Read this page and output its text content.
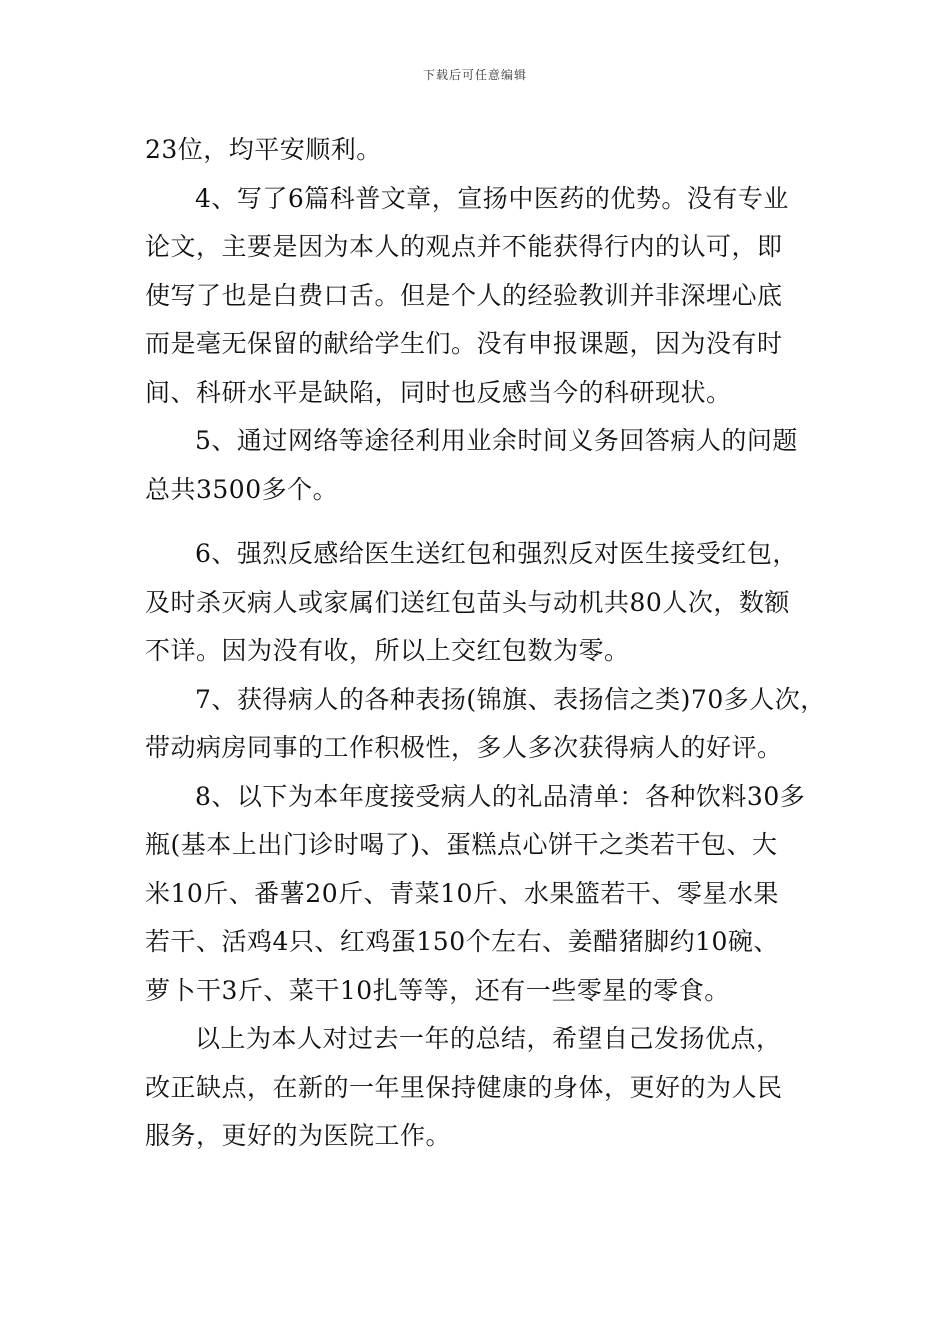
下载后可任意编辑
23位，均平安顺利。
4、写了6篇科普文章，宣扬中医药的优势。没有专业
论文，主要是因为本人的观点并不能获得行内的认可，即
使写了也是白费口舌。但是个人的经验教训并非深埋心底
而是毫无保留的献给学生们。没有申报课题，因为没有时
间、科研水平是缺陷，同时也反感当今的科研现状。
5、通过网络等途径利用业余时间义务回答病人的问题
总共3500多个。
6、强烈反感给医生送红包和强烈反对医生接受红包，
及时杀灭病人或家属们送红包苗头与动机共80人次，数额
不详。因为没有收，所以上交红包数为零。
7、获得病人的各种表扬(锦旗、表扬信之类)70多人次，
带动病房同事的工作积极性，多人多次获得病人的好评。
8、以下为本年度接受病人的礼品清单：各种饮料30多
瓶(基本上出门诊时喝了)、蛋糕点心饼干之类若干包、大
米10斤、番薯20斤、青菜10斤、水果篮若干、零星水果
若干、活鸡4只、红鸡蛋150个左右、姜醋猪脚约10碗、
萝卜干3斤、菜干10扎等等，还有一些零星的零食。
以上为本人对过去一年的总结，希望自己发扬优点，
改正缺点，在新的一年里保持健康的身体，更好的为人民
服务，更好的为医院工作。
